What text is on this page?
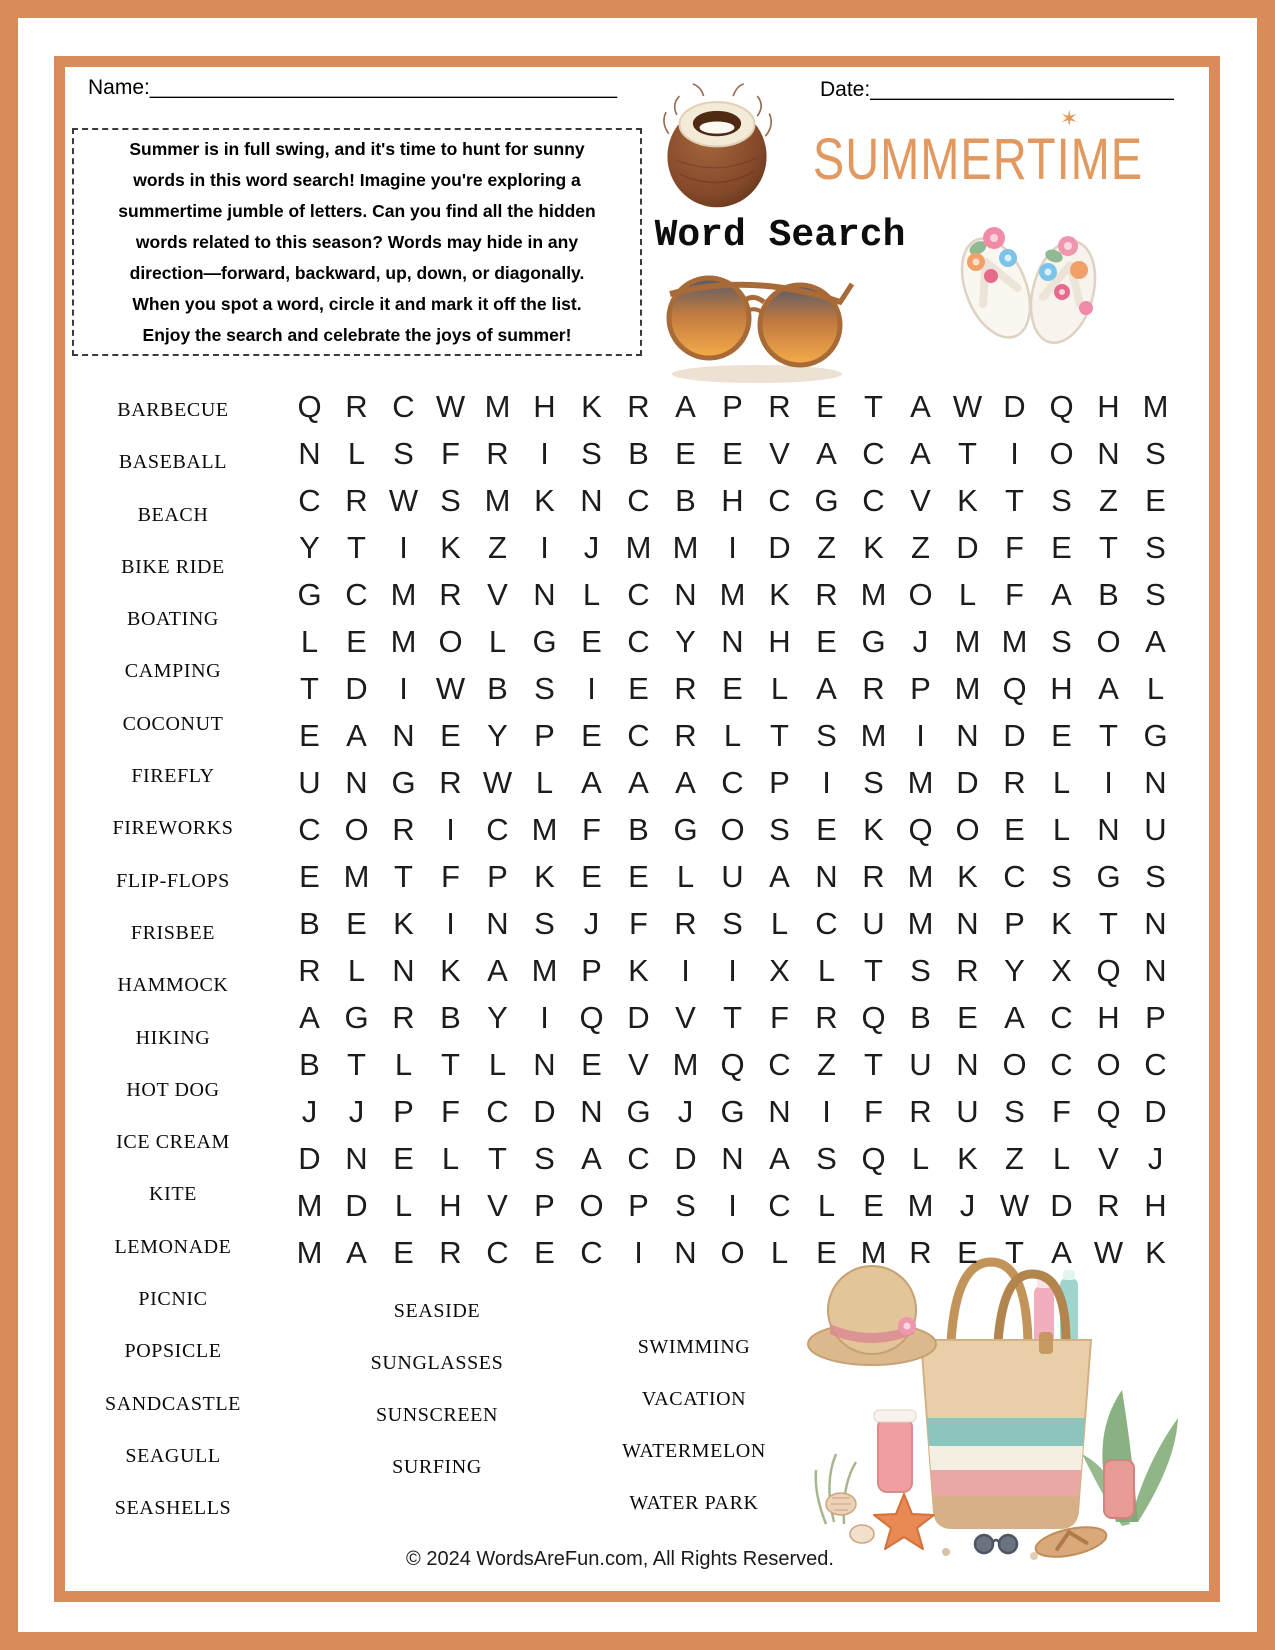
Name:________________________________________	Date:__________________________
Summer is in full swing, and it's time to hunt for sunny
words in this word search! Imagine you're exploring a
summertime jumble of letters. Can you find all the hidden
words related to this season? Words may hide in any
direction—forward, backward, up, down, or diagonally.
When you spot a word, circle it and mark it off the list.
Enjoy the search and celebrate the joys of summer!
SUMMERTIME
✶
Word Search
BARBECUE
BASEBALL
BEACH
BIKE RIDE
BOATING
CAMPING
COCONUT
FIREFLY
FIREWORKS
FLIP-FLOPS
FRISBEE
HAMMOCK
HIKING
HOT DOG
ICE CREAM
KITE
LEMONADE
PICNIC
POPSICLE
SANDCASTLE
SEAGULL
SEASHELLS
SEASIDE
SUNGLASSES
SUNSCREEN
SURFING
SWIMMING
VACATION
WATERMELON
WATER PARK
Q R C W M H K R A P R E T A W D Q H M
N L S F R	I	S B E E V A C A T	I O N S
C R W S M K N C B H C G C V K T S Z E
Y T	I	K Z	I	J M M I	D Z K Z D F E T S
G C M R V N L C N M K R M O L F A B S
L E M O L G E C Y N H E G J M M S O A
T D	I W B S	I	E R E L A R P M Q H A L
E A N E Y P E C R L T S M I	N D E T G
U N G R W L A A A C P	I	S M D R L	I	N
C O R	I	C M F B G O S E K Q O E L N U
E M T F P K E E L U A N R M K C S G S
B E K	I	N S J F R S L C U M N P K T N
R L N K A M P K	I	I	X L T S R Y X Q N
A G R B Y	I Q D V T F R Q B E A C H P
B T L T L N E V M Q C Z T U N O C O C
J	J P F C D N G J G N	I	F R U S F Q D
D N E L T S A C D N A S Q L K Z L V J
M D L H V P O P S	I	C L E M J W D R H
M A E R C E C	I	N O L E M R E T A W K
© 2024 WordsAreFun.com, All Rights Reserved.
